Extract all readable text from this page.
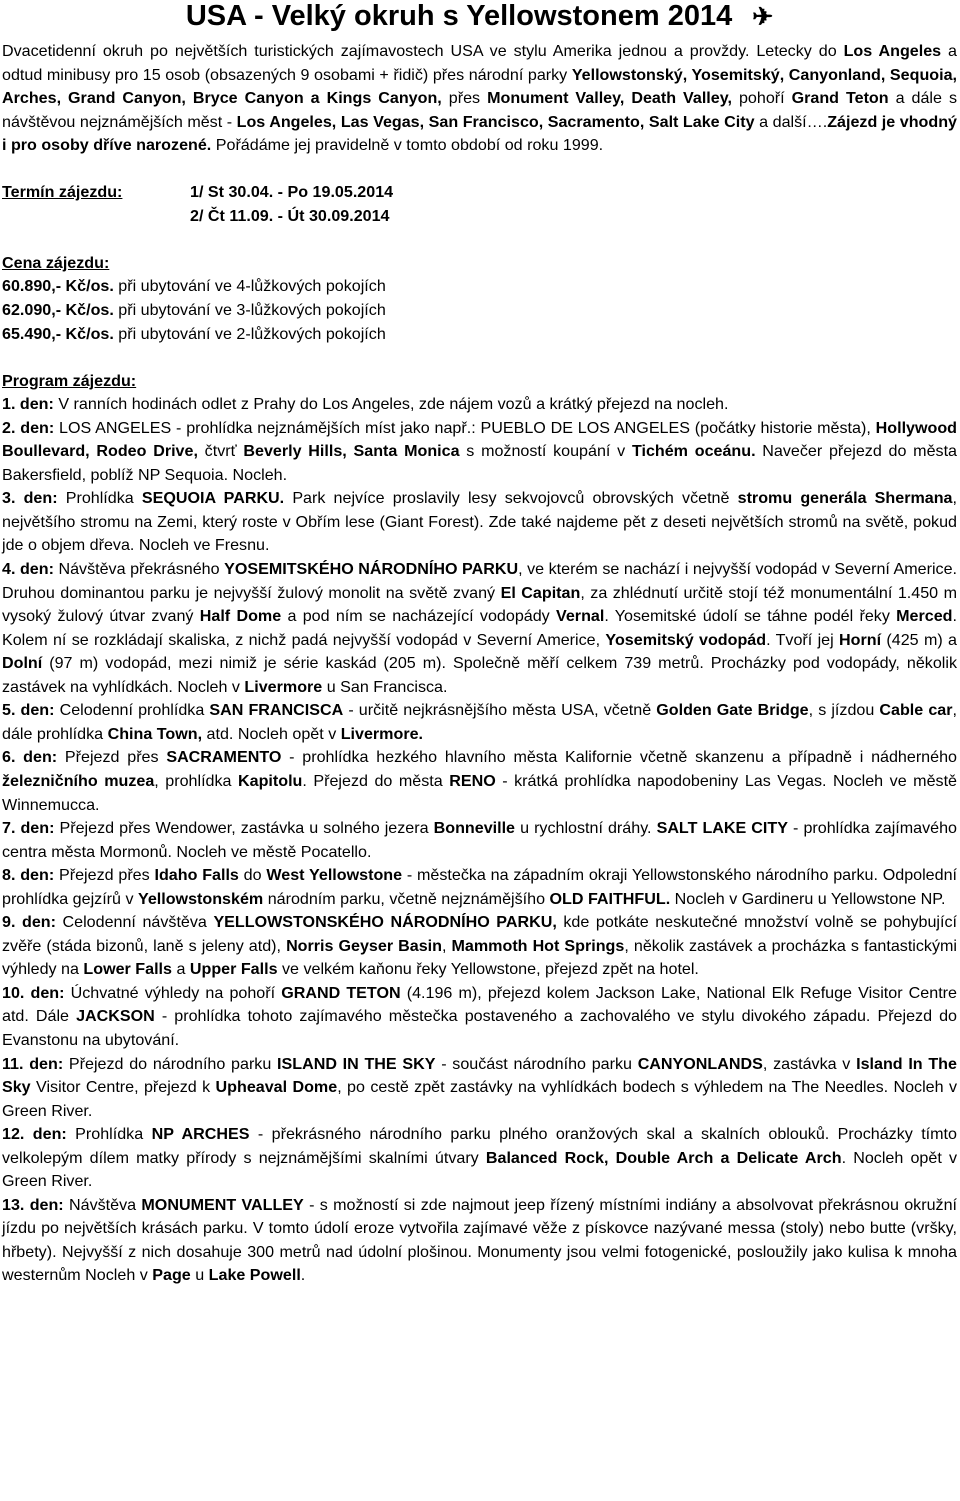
USA - Velký okruh s Yellowstonem 2014 ✈

Dvacetidenní okruh po největších turistických zajímavostech USA ve stylu Amerika jednou a provždy. Letecky do Los Angeles a odtud minibusy pro 15 osob (obsazených 9 osobami + řidič) přes národní parky Yellowstonský, Yosemitský, Canyonland, Sequoia, Arches, Grand Canyon, Bryce Canyon a Kings Canyon, přes Monument Valley, Death Valley, pohoří Grand Teton a dále s návštěvou nejznámějších měst - Los Angeles, Las Vegas, San Francisco, Sacramento, Salt Lake City a další….Zájezd je vhodný i pro osoby dříve narozené. Pořádáme jej pravidelně v tomto období od roku 1999.

Termín zájezdu:	1/ St 30.04. - Po 19.05.2014
2/ Čt 11.09. - Út 30.09.2014
Cena zájezdu:
60.890,- Kč/os. při ubytování ve 4-lůžkových pokojích
62.090,- Kč/os. při ubytování ve 3-lůžkových pokojích
65.490,- Kč/os. při ubytování ve 2-lůžkových pokojích
Program zájezdu:

1. den: V ranních hodinách odlet z Prahy do Los Angeles, zde nájem vozů a krátký přejezd na nocleh.

2. den: LOS ANGELES - prohlídka nejznámějších míst jako např.: PUEBLO DE LOS ANGELES (počátky historie města), Hollywood Boullevard, Rodeo Drive, čtvrť Beverly Hills, Santa Monica s možností koupání v Tichém oceánu. Navečer přejezd do města Bakersfield, poblíž NP Sequoia. Nocleh.

3. den: Prohlídka SEQUOIA PARKU. Park nejvíce proslavily lesy sekvojovců obrovských včetně stromu generála Shermana, největšího stromu na Zemi, který roste v Obřím lese (Giant Forest). Zde také najdeme pět z deseti největších stromů na světě, pokud jde o objem dřeva. Nocleh ve Fresnu.

4. den: Návštěva překrásného YOSEMITSKÉHO NÁRODNÍHO PARKU, ve kterém se nachází i nejvyšší vodopád v Severní Americe. Druhou dominantou parku je nejvyšší žulový monolit na světě zvaný El Capitan, za zhlédnutí určitě stojí též monumentální 1.450 m vysoký žulový útvar zvaný Half Dome a pod ním se nacházející vodopády Vernal. Yosemitské údolí se táhne podél řeky Merced. Kolem ní se rozkládají skaliska, z nichž padá nejvyšší vodopád v Severní Americe, Yosemitský vodopád. Tvoří jej Horní (425 m) a Dolní (97 m) vodopád, mezi nimiž je série kaskád (205 m). Společně měří celkem 739 metrů. Procházky pod vodopády, několik zastávek na vyhlídkách. Nocleh v Livermore u San Francisca.

5. den: Celodenní prohlídka SAN FRANCISCA - určitě nejkrásnějšího města USA, včetně Golden Gate Bridge, s jízdou Cable car, dále prohlídka China Town, atd. Nocleh opět v Livermore.

6. den: Přejezd přes SACRAMENTO - prohlídka hezkého hlavního města Kalifornie včetně skanzenu a případně i nádherného železničního muzea, prohlídka Kapitolu. Přejezd do města RENO - krátká prohlídka napodobeniny Las Vegas. Nocleh ve městě Winnemucca.

7. den: Přejezd přes Wendower, zastávka u solného jezera Bonneville u rychlostní dráhy. SALT LAKE CITY - prohlídka zajímavého centra města Mormonů. Nocleh ve městě Pocatello.

8. den: Přejezd přes Idaho Falls do West Yellowstone - městečka na západním okraji Yellowstonského národního parku. Odpolední prohlídka gejzírů v Yellowstonském národním parku, včetně nejznámějšího OLD FAITHFUL. Nocleh v Gardineru u Yellowstone NP.

9. den: Celodenní návštěva YELLOWSTONSKÉHO NÁRODNÍHO PARKU, kde potkáte neskutečné množství volně se pohybující zvěře (stáda bizonů, laně s jeleny atd), Norris Geyser Basin, Mammoth Hot Springs, několik zastávek a procházka s fantastickými výhledy na Lower Falls a Upper Falls ve velkém kaňonu řeky Yellowstone, přejezd zpět na hotel.

10. den: Úchvatné výhledy na pohoří GRAND TETON (4.196 m), přejezd kolem Jackson Lake, National Elk Refuge Visitor Centre atd. Dále JACKSON - prohlídka tohoto zajímavého městečka postaveného a zachovalého ve stylu divokého západu. Přejezd do Evanstonu na ubytování.

11. den: Přejezd do národního parku ISLAND IN THE SKY - součást národního parku CANYONLANDS, zastávka v Island In The Sky Visitor Centre, přejezd k Upheaval Dome, po cestě zpět zastávky na vyhlídkách bodech s výhledem na The Needles. Nocleh v Green River.

12. den: Prohlídka NP ARCHES - překrásného národního parku plného oranžových skal a skalních oblouků. Procházky tímto velkolepým dílem matky přírody s nejznámějšími skalními útvary Balanced Rock, Double Arch a Delicate Arch. Nocleh opět v Green River.

13. den: Návštěva MONUMENT VALLEY - s možností si zde najmout jeep řízený místními indiány a absolvovat překrásnou okružní jízdu po největších krásách parku. V tomto údolí eroze vytvořila zajímavé věže z pískovce nazývané messa (stoly) nebo butte (vršky, hřbety). Nejvyšší z nich dosahuje 300 metrů nad údolní plošinou. Monumenty jsou velmi fotogenické, posloužily jako kulisa k mnoha westernům Nocleh v Page u Lake Powell.
